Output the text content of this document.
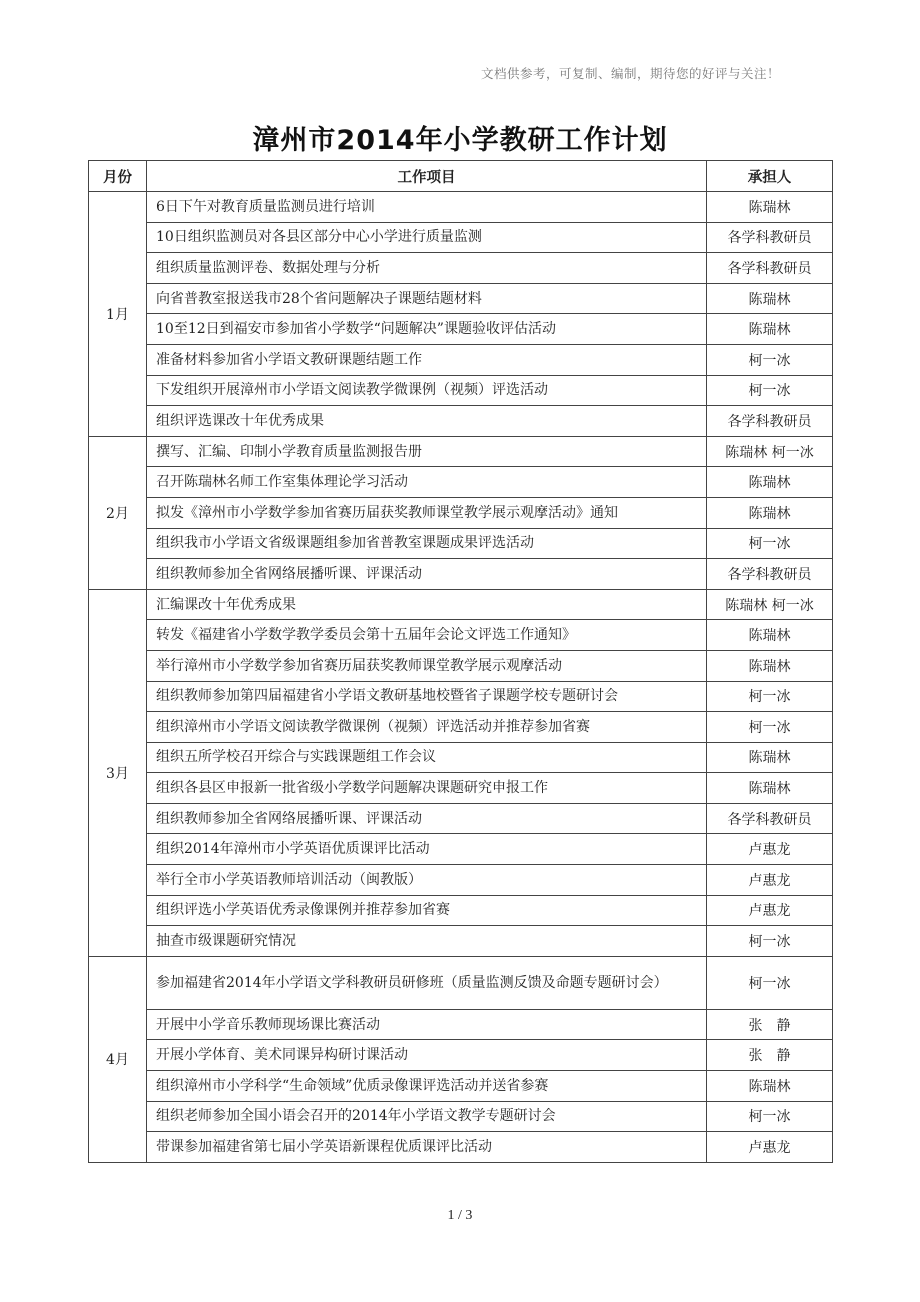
文档供参考，可复制、编制，期待您的好评与关注！
漳州市2014年小学教研工作计划
月份	工作项目	承担人
1月	6日下午对教育质量监测员进行培训	陈瑞林
	10日组织监测员对各县区部分中心小学进行质量监测	各学科教研员
	组织质量监测评卷、数据处理与分析	各学科教研员
	向省普教室报送我市28个省问题解决子课题结题材料	陈瑞林
	10至12日到福安市参加省小学数学“问题解决”课题验收评估活动	陈瑞林
	准备材料参加省小学语文教研课题结题工作	柯一冰
	下发组织开展漳州市小学语文阅读教学微课例（视频）评选活动	柯一冰
	组织评选课改十年优秀成果	各学科教研员
2月	撰写、汇编、印制小学教育质量监测报告册	陈瑞林 柯一冰
	召开陈瑞林名师工作室集体理论学习活动	陈瑞林
	拟发《漳州市小学数学参加省赛历届获奖教师课堂教学展示观摩活动》通知	陈瑞林
	组织我市小学语文省级课题组参加省普教室课题成果评选活动	柯一冰
	组织教师参加全省网络展播听课、评课活动	各学科教研员
3月	汇编课改十年优秀成果	陈瑞林 柯一冰
	转发《福建省小学数学教学委员会第十五届年会论文评选工作通知》	陈瑞林
	举行漳州市小学数学参加省赛历届获奖教师课堂教学展示观摩活动	陈瑞林
	组织教师参加第四届福建省小学语文教研基地校暨省子课题学校专题研讨会	柯一冰
	组织漳州市小学语文阅读教学微课例（视频）评选活动并推荐参加省赛	柯一冰
	组织五所学校召开综合与实践课题组工作会议	陈瑞林
	组织各县区申报新一批省级小学数学问题解决课题研究申报工作	陈瑞林
	组织教师参加全省网络展播听课、评课活动	各学科教研员
	组织2014年漳州市小学英语优质课评比活动	卢惠龙
	举行全市小学英语教师培训活动（闽教版）	卢惠龙
	组织评选小学英语优秀录像课例并推荐参加省赛	卢惠龙
	抽查市级课题研究情况	柯一冰
4月	参加福建省2014年小学语文学科教研员研修班（质量监测反馈及命题专题研讨会）	柯一冰
	开展中小学音乐教师现场课比赛活动	张　静
	开展小学体育、美术同课异构研讨课活动	张　静
	组织漳州市小学科学“生命领域”优质录像课评选活动并送省参赛	陈瑞林
	组织老师参加全国小语会召开的2014年小学语文教学专题研讨会	柯一冰
	带课参加福建省第七届小学英语新课程优质课评比活动	卢惠龙
1 / 3
